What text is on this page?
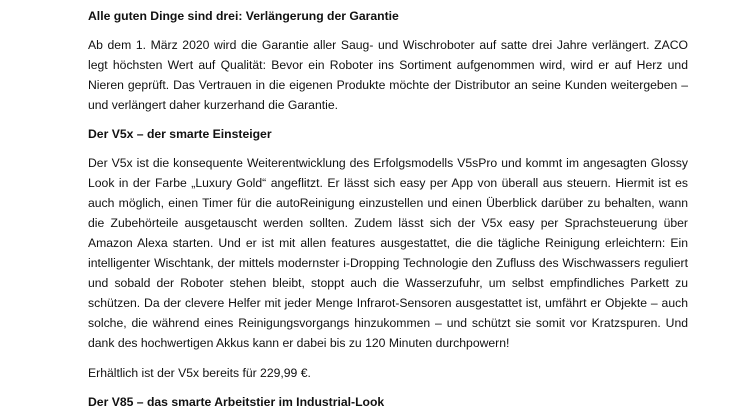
Alle guten Dinge sind drei: Verlängerung der Garantie

Ab dem 1. März 2020 wird die Garantie aller Saug- und Wischroboter auf satte drei Jahre verlängert. ZACO legt höchsten Wert auf Qualität: Bevor ein Roboter ins Sortiment aufgenommen wird, wird er auf Herz und Nieren geprüft. Das Vertrauen in die eigenen Produkte möchte der Distributor an seine Kunden weitergeben – und verlängert daher kurzerhand die Garantie.

Der V5x – der smarte Einsteiger

Der V5x ist die konsequente Weiterentwicklung des Erfolgsmodells V5sPro und kommt im angesagten Glossy Look in der Farbe „Luxury Gold“ angeflitzt. Er lässt sich easy per App von überall aus steuern. Hiermit ist es auch möglich, einen Timer für die autoReinigung einzustellen und einen Überblick darüber zu behalten, wann die Zubehörteile ausgetauscht werden sollten. Zudem lässt sich der V5x easy per Sprachsteuerung über Amazon Alexa starten. Und er ist mit allen features ausgestattet, die die tägliche Reinigung erleichtern: Ein intelligenter Wischtank, der mittels modernster i-Dropping Technologie den Zufluss des Wischwassers reguliert und sobald der Roboter stehen bleibt, stoppt auch die Wasserzufuhr, um selbst empfindliches Parkett zu schützen. Da der clevere Helfer mit jeder Menge Infrarot-Sensoren ausgestattet ist, umfährt er Objekte – auch solche, die während eines Reinigungsvorgangs hinzukommen – und schützt sie somit vor Kratzspuren. Und dank des hochwertigen Akkus kann er dabei bis zu 120 Minuten durchpowern!

Erhältlich ist der V5x bereits für 229,99 €.

Der V85 – das smarte Arbeitstier im Industrial-Look
